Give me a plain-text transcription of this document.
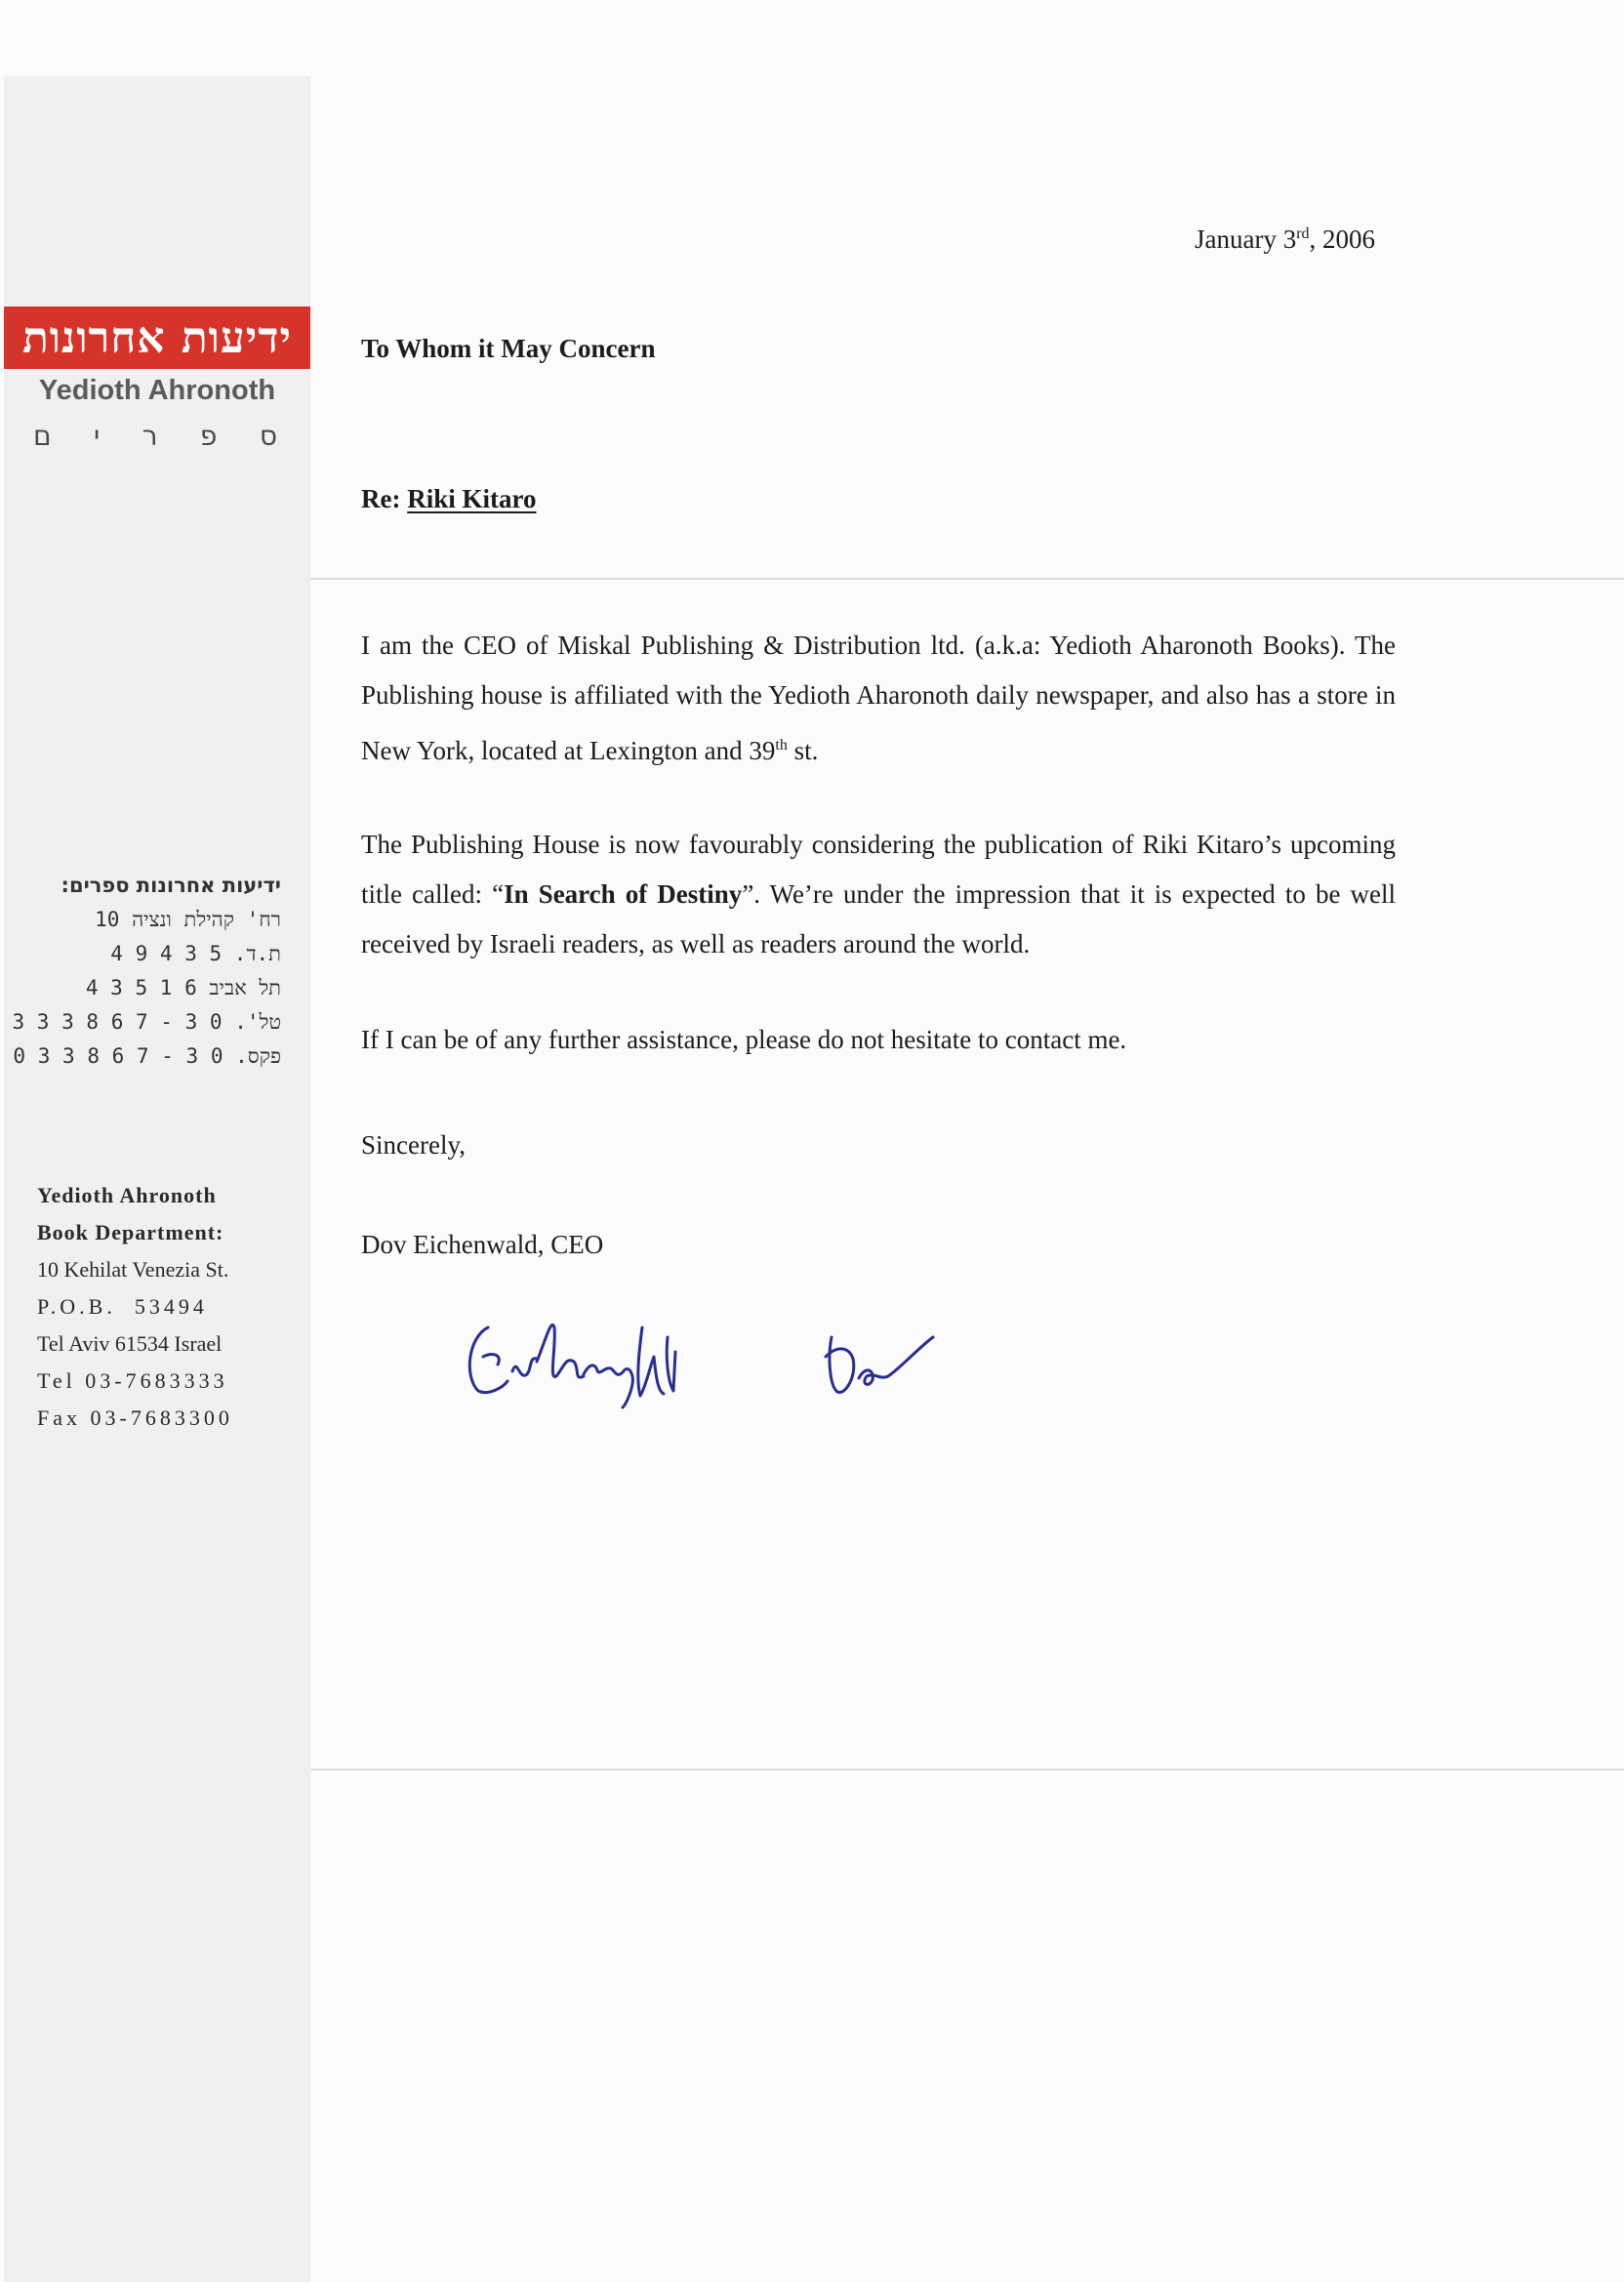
ידיעות אחרונות
Yedioth Ahronoth
ס
פ
ר
י
ם
ידיעות אחרונות ספרים:
רח' קהילת ונציה 10
ת.ד. 5 3 4 9 4
תל אביב 6 1 5 3 4
טל'. 0 3 - 7 6 8 3 3 3
פקס. 0 3 - 7 6 8 3 3 0
Yedioth Ahronoth
Book Department:
10 Kehilat Venezia St.
P.O.B. 53494
Tel Aviv 61534 Israel
Tel 03-7683333
Fax 03-7683300
January 3rd, 2006
To Whom it May Concern
Re: Riki Kitaro
I am the CEO of Miskal Publishing & Distribution ltd. (a.k.a: Yedioth Aharonoth Books). The Publishing house is affiliated with the Yedioth Aharonoth daily newspaper, and also has a store in New York, located at Lexington and 39th st.
The Publishing House is now favourably considering the publication of Riki Kitaro’s upcoming title called: “In Search of Destiny”. We’re under the impression that it is expected to be well received by Israeli readers, as well as readers around the world.
If I can be of any further assistance, please do not hesitate to contact me.
Sincerely,
Dov Eichenwald, CEO
